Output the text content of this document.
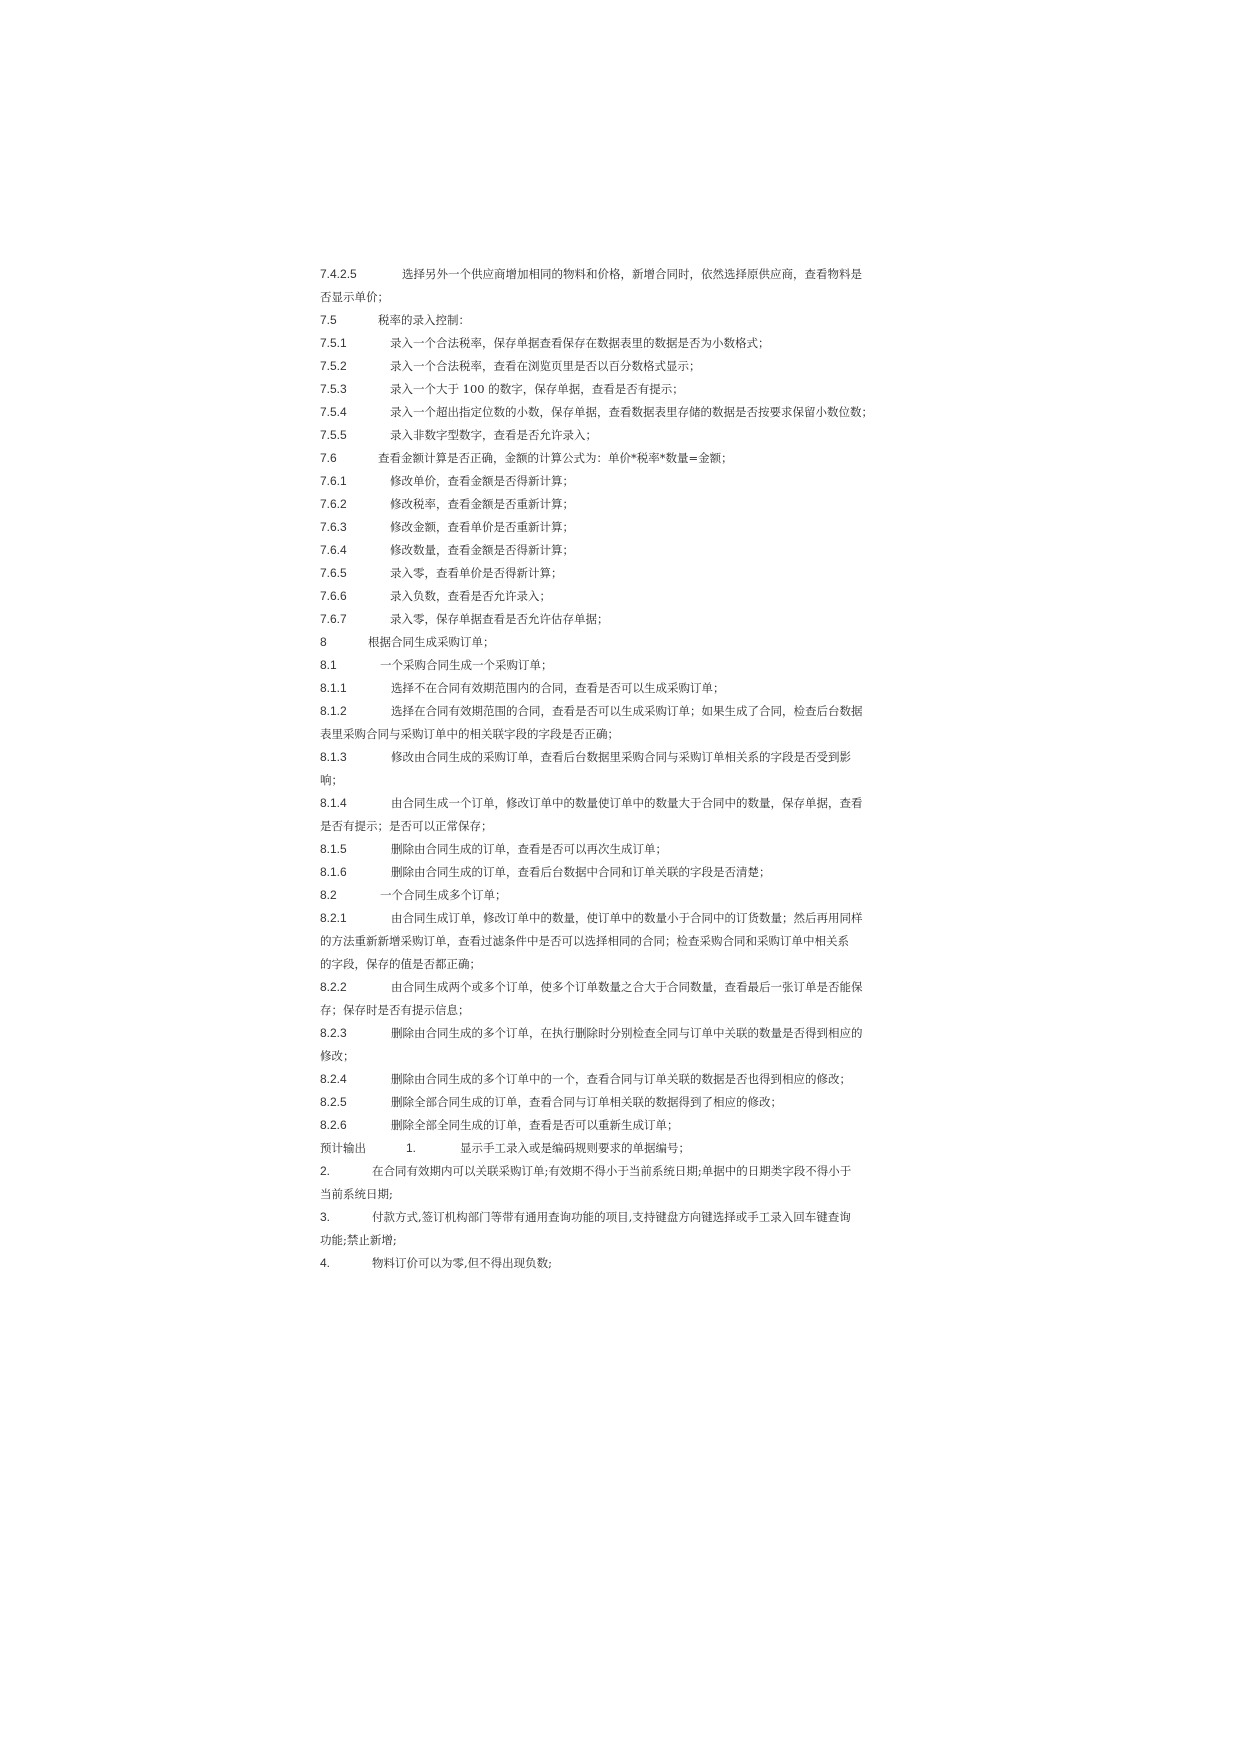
7.4.2.5	选择另外一个供应商增加相同的物料和价格，新增合同时，依然选择原供应商，查看物料是
否显示单价；
7.5	税率的录入控制：
7.5.1	录入一个合法税率，保存单据查看保存在数据表里的数据是否为小数格式；
7.5.2	录入一个合法税率，查看在浏览页里是否以百分数格式显示；
7.5.3	录入一个大于 100 的数字，保存单据，查看是否有提示；
7.5.4	录入一个超出指定位数的小数，保存单据，查看数据表里存储的数据是否按要求保留小数位数；
7.5.5	录入非数字型数字，查看是否允许录入；
7.6	查看金额计算是否正确，金额的计算公式为：单价*税率*数量=金额；
7.6.1	修改单价，查看金额是否得新计算；
7.6.2	修改税率，查看金额是否重新计算；
7.6.3	修改金额，查看单价是否重新计算；
7.6.4	修改数量，查看金额是否得新计算；
7.6.5	录入零，查看单价是否得新计算；
7.6.6	录入负数，查看是否允许录入；
7.6.7	录入零，保存单据查看是否允许估存单据；
8	根据合同生成采购订单；
8.1	一个采购合同生成一个采购订单；
8.1.1	选择不在合同有效期范围内的合同，查看是否可以生成采购订单；
8.1.2	选择在合同有效期范围的合同，查看是否可以生成采购订单；如果生成了合同，检查后台数据
表里采购合同与采购订单中的相关联字段的字段是否正确；
8.1.3	修改由合同生成的采购订单，查看后台数据里采购合同与采购订单相关系的字段是否受到影
响；
8.1.4	由合同生成一个订单，修改订单中的数量使订单中的数量大于合同中的数量，保存单据，查看
是否有提示；是否可以正常保存；
8.1.5	删除由合同生成的订单，查看是否可以再次生成订单；
8.1.6	删除由合同生成的订单，查看后台数据中合同和订单关联的字段是否清楚；
8.2	一个合同生成多个订单；
8.2.1	由合同生成订单，修改订单中的数量，使订单中的数量小于合同中的订货数量；然后再用同样
的方法重新新增采购订单，查看过滤条件中是否可以选择相同的合同；检查采购合同和采购订单中相关系
的字段，保存的值是否都正确；
8.2.2	由合同生成两个或多个订单，使多个订单数量之合大于合同数量，查看最后一张订单是否能保
存；保存时是否有提示信息；
8.2.3	删除由合同生成的多个订单，在执行删除时分别检查全同与订单中关联的数量是否得到相应的
修改；
8.2.4	删除由合同生成的多个订单中的一个，查看合同与订单关联的数据是否也得到相应的修改；
8.2.5	删除全部合同生成的订单，查看合同与订单相关联的数据得到了相应的修改；
8.2.6	删除全部全同生成的订单，查看是否可以重新生成订单；
预计输出	1.	显示手工录入或是编码规则要求的单据编号；
2.	在合同有效期内可以关联采购订单;有效期不得小于当前系统日期;单据中的日期类字段不得小于
当前系统日期;
3.	付款方式,签订机构部门等带有通用查询功能的项目,支持键盘方向键选择或手工录入回车键查询
功能;禁止新增;
4.	物料订价可以为零,但不得出现负数;
